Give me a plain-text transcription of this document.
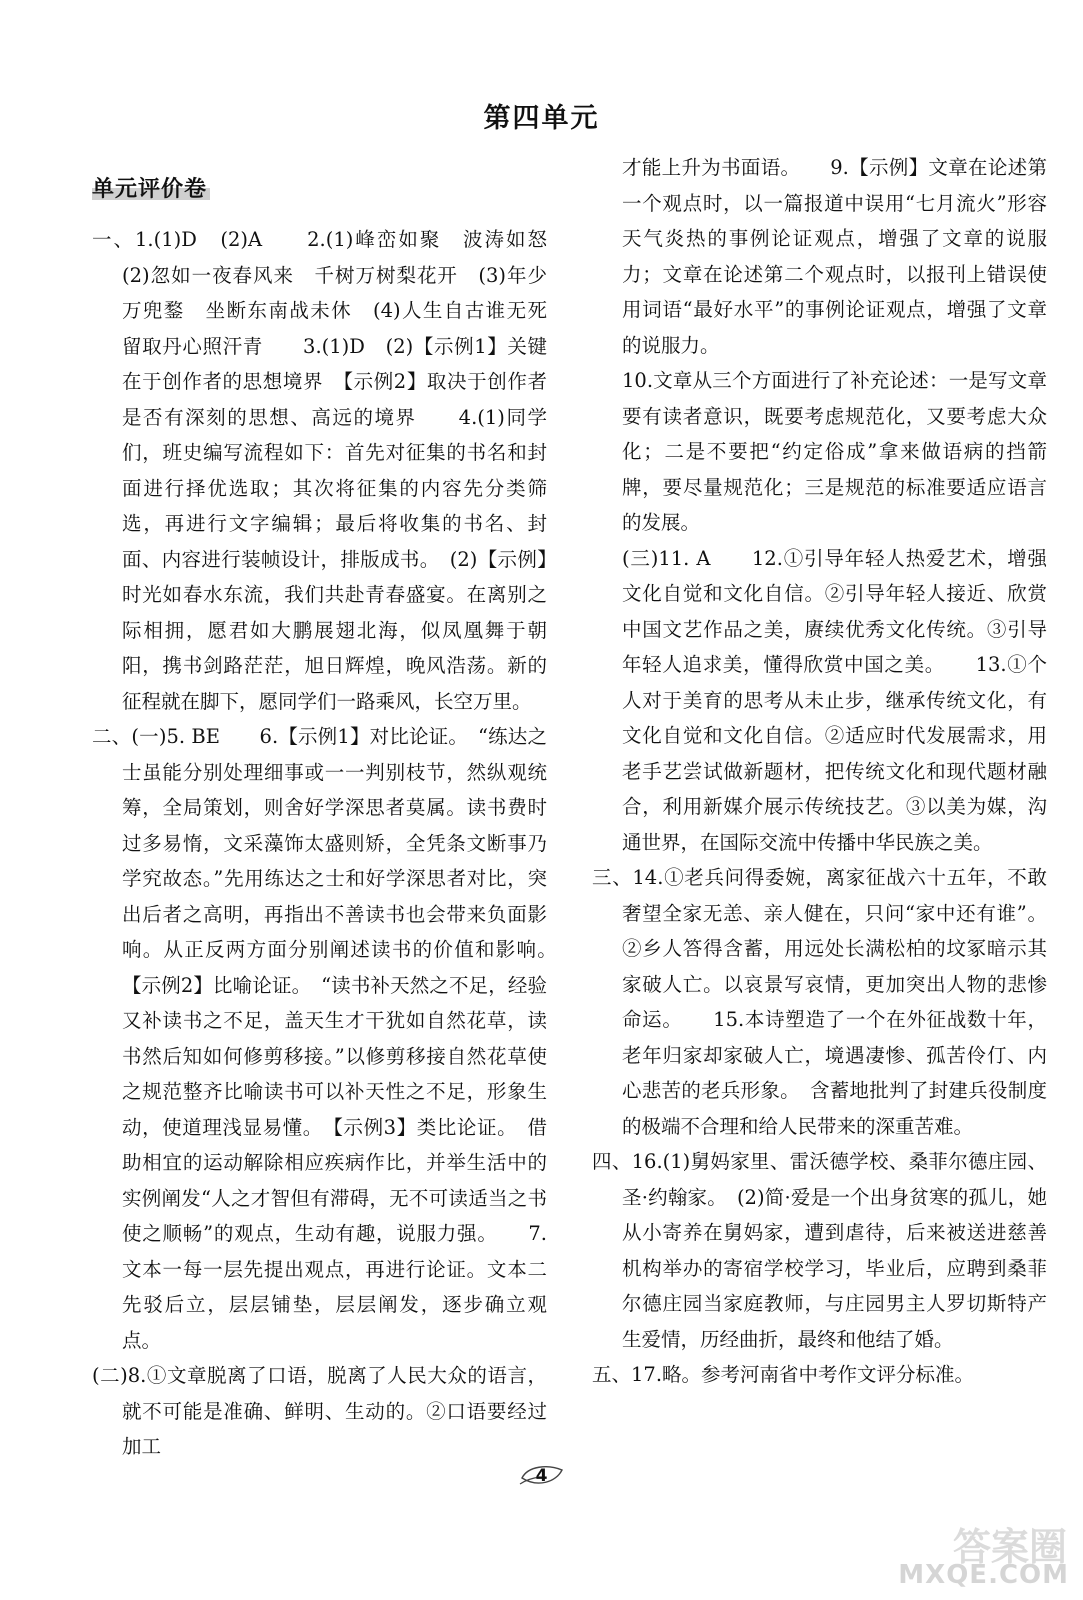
第四单元
单元评价卷

一、1.(1)D　(2)A　　2.(1)峰峦如聚　波涛如怒　(2)忽如一夜春风来　千树万树梨花开　(3)年少万兜鍪　坐断东南战未休　(4)人生自古谁无死　留取丹心照汗青　　3.(1)D　(2)【示例1】关键在于创作者的思想境界　【示例2】取决于创作者是否有深刻的思想、高远的境界　　4.(1)同学们，班史编写流程如下：首先对征集的书名和封面进行择优选取；其次将征集的内容先分类筛选，再进行文字编辑；最后将收集的书名、封面、内容进行装帧设计，排版成书。　(2)【示例】时光如春水东流，我们共赴青春盛宴。在离别之际相拥，愿君如大鹏展翅北海，似凤凰舞于朝阳，携书剑路茫茫，旭日辉煌，晚风浩荡。新的征程就在脚下，愿同学们一路乘风，长空万里。

二、(一)5. BE　　6.【示例1】对比论证。　“练达之士虽能分别处理细事或一一判别枝节，然纵观统筹，全局策划，则舍好学深思者莫属。读书费时过多易惰，文采藻饰太盛则矫，全凭条文断事乃学究故态。”先用练达之士和好学深思者对比，突出后者之高明，再指出不善读书也会带来负面影响。从正反两方面分别阐述读书的价值和影响。　【示例2】比喻论证。　“读书补天然之不足，经验又补读书之不足，盖天生才干犹如自然花草，读书然后知如何修剪移接。”以修剪移接自然花草使之规范整齐比喻读书可以补天性之不足，形象生动，使道理浅显易懂。　【示例3】类比论证。　借助相宜的运动解除相应疾病作比，并举生活中的实例阐发“人之才智但有滞碍，无不可读适当之书使之顺畅”的观点，生动有趣，说服力强。　　7.文本一每一层先提出观点，再进行论证。文本二先驳后立，层层铺垫，层层阐发，逐步确立观点。

(二)8.①文章脱离了口语，脱离了人民大众的语言，就不可能是准确、鲜明、生动的。②口语要经过加工

才能上升为书面语。　　9.【示例】文章在论述第一个观点时，以一篇报道中误用“七月流火”形容天气炎热的事例论证观点，增强了文章的说服力；文章在论述第二个观点时，以报刊上错误使用词语“最好水平”的事例论证观点，增强了文章的说服力。

10.文章从三个方面进行了补充论述：一是写文章要有读者意识，既要考虑规范化，又要考虑大众化；二是不要把“约定俗成”拿来做语病的挡箭牌，要尽量规范化；三是规范的标准要适应语言的发展。

(三)11. A　　12.①引导年轻人热爱艺术，增强文化自觉和文化自信。②引导年轻人接近、欣赏中国文艺作品之美，赓续优秀文化传统。③引导年轻人追求美，懂得欣赏中国之美。　　13.①个人对于美育的思考从未止步，继承传统文化，有文化自觉和文化自信。②适应时代发展需求，用老手艺尝试做新题材，把传统文化和现代题材融合，利用新媒介展示传统技艺。③以美为媒，沟通世界，在国际交流中传播中华民族之美。

三、14.①老兵问得委婉，离家征战六十五年，不敢奢望全家无恙、亲人健在，只问“家中还有谁”。②乡人答得含蓄，用远处长满松柏的坟冢暗示其家破人亡。以哀景写哀情，更加突出人物的悲惨命运。　　15.本诗塑造了一个在外征战数十年，老年归家却家破人亡，境遇凄惨、孤苦伶仃、内心悲苦的老兵形象。　含蓄地批判了封建兵役制度的极端不合理和给人民带来的深重苦难。

四、16.(1)舅妈家里、雷沃德学校、桑菲尔德庄园、圣·约翰家。　(2)简·爱是一个出身贫寒的孤儿，她从小寄养在舅妈家，遭到虐待，后来被送进慈善机构举办的寄宿学校学习，毕业后，应聘到桑菲尔德庄园当家庭教师，与庄园男主人罗切斯特产生爱情，历经曲折，最终和他结了婚。

五、17.略。参考河南省中考作文评分标准。

4
答案圈
MXQE.COM
